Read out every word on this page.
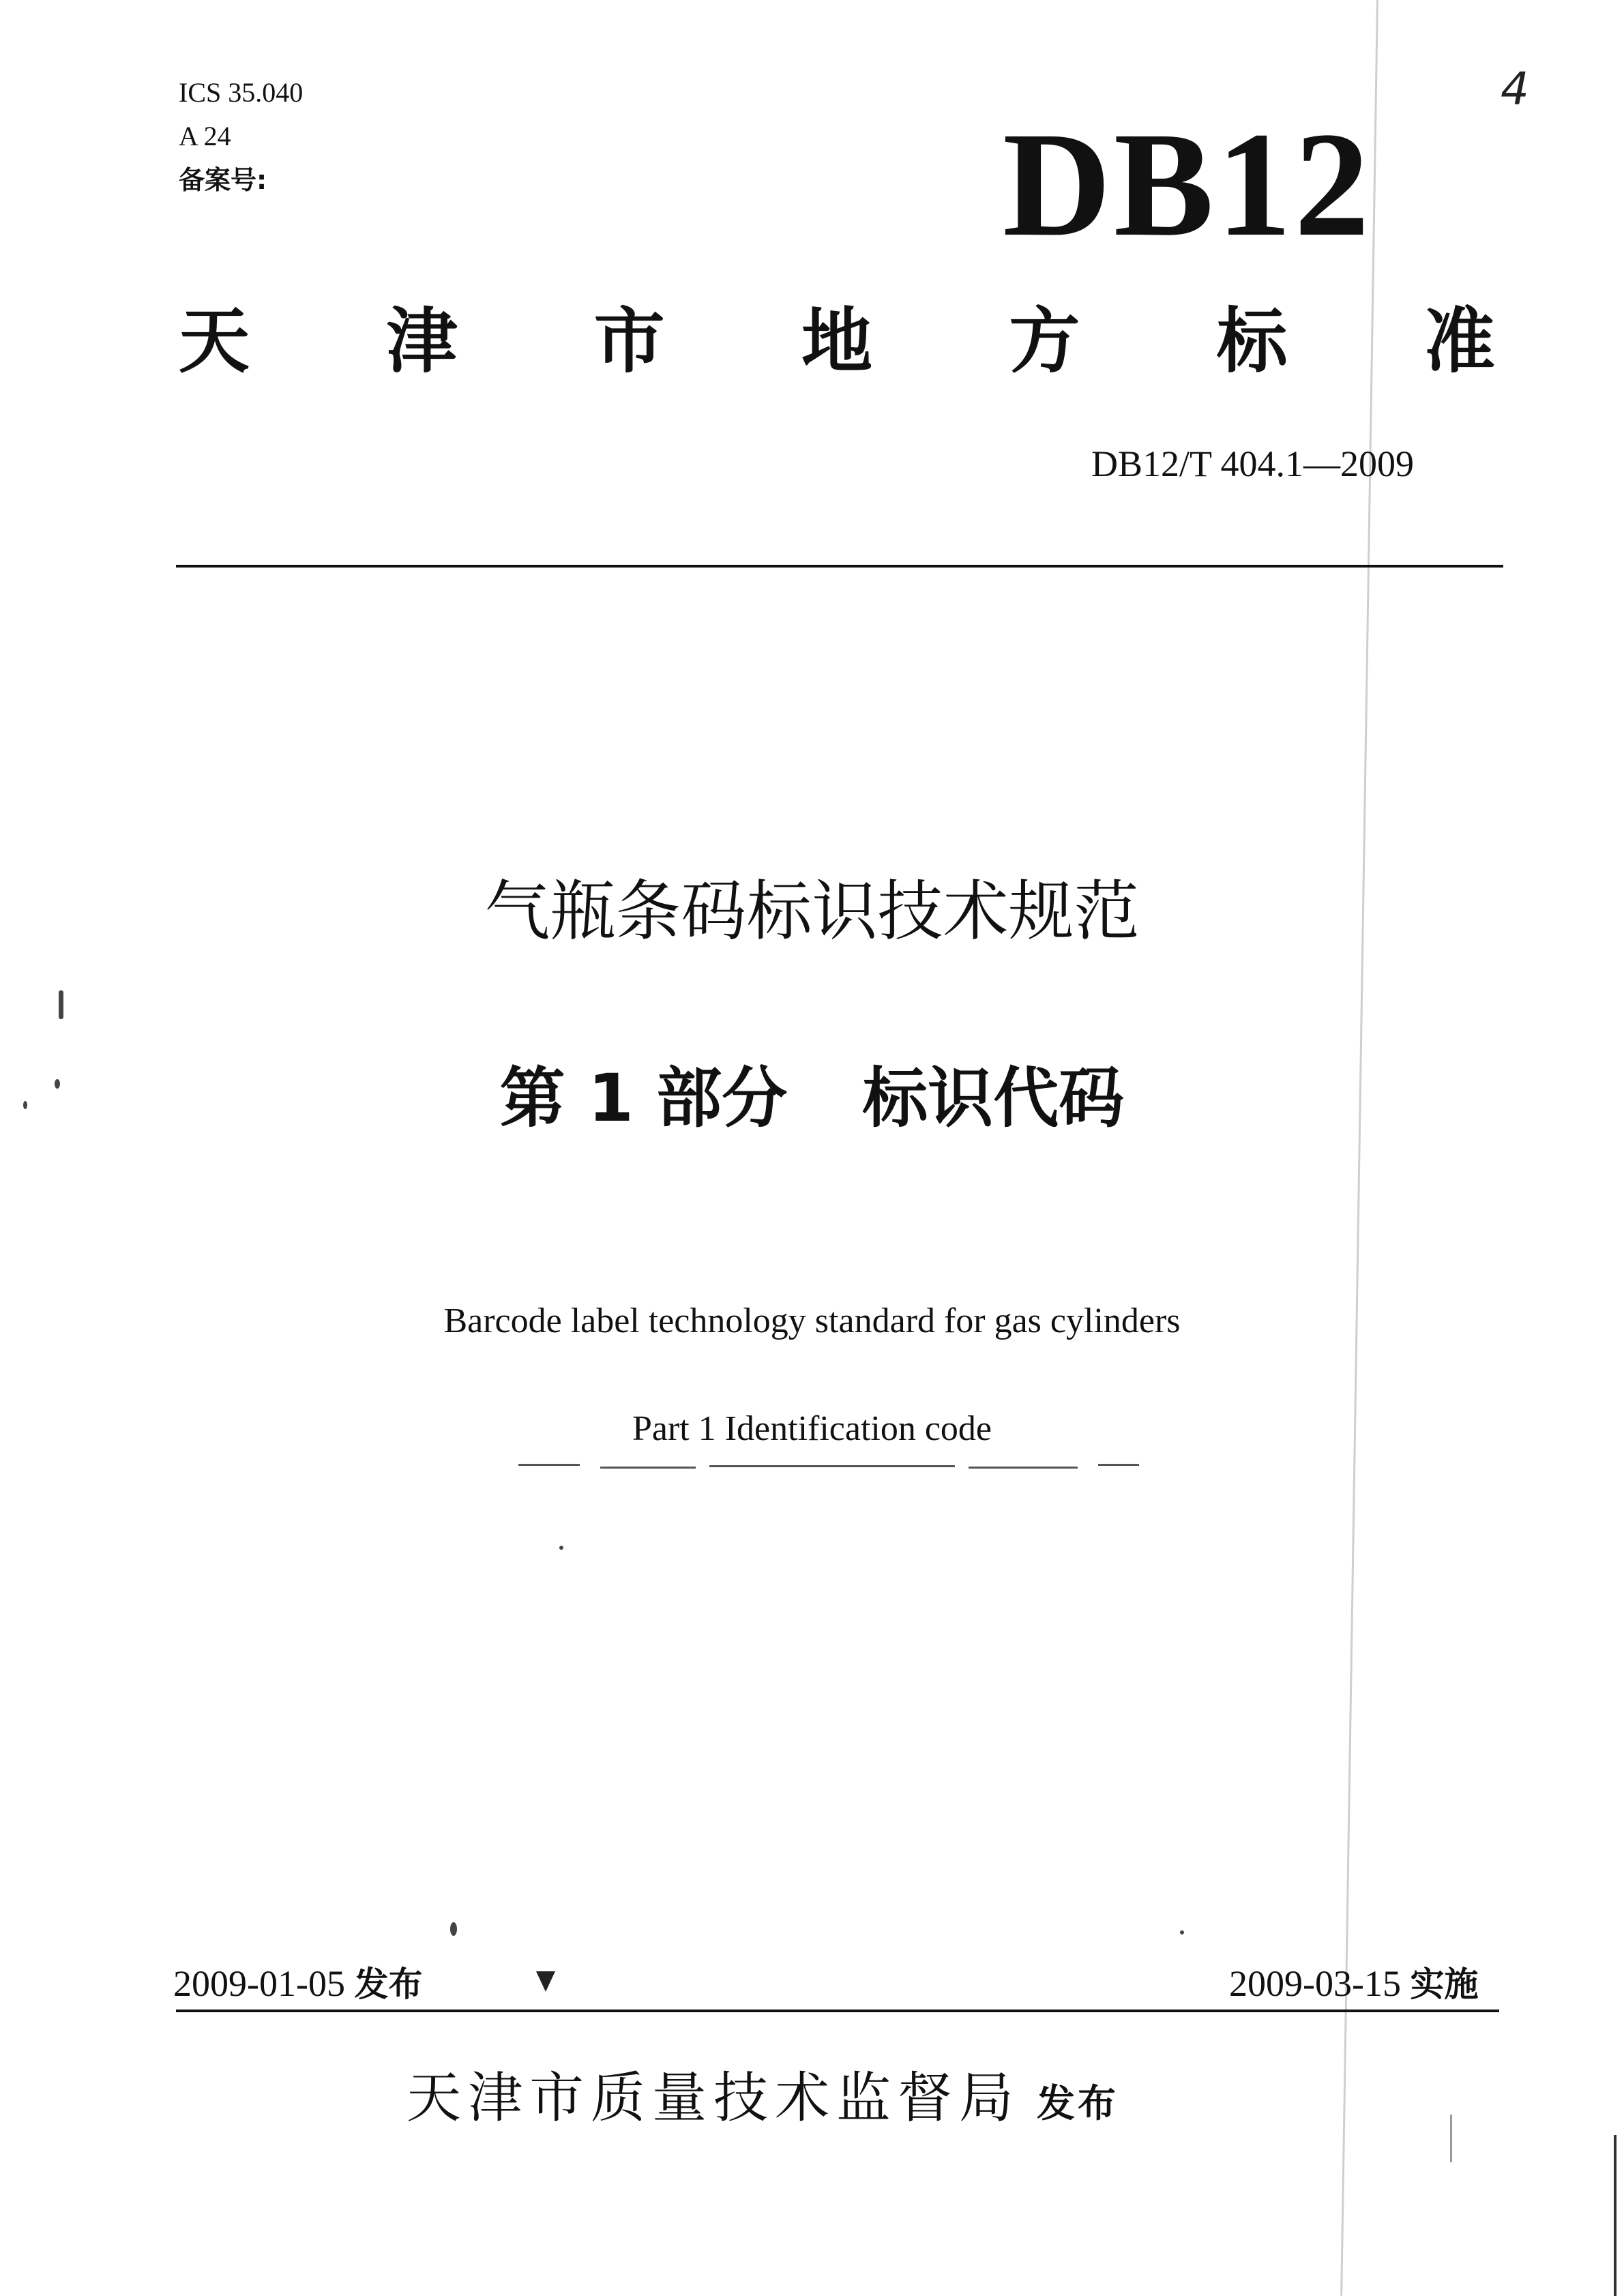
ICS 35.040
A 24
备案号:	DB12
4
天 津 市 地 方 标 准
DB12/T 404.1—2009
气瓶条码标识技术规范
第 1 部分 标识代码
Barcode label technology standard for gas cylinders
Part 1 Identification code
2009-01-05 发布	2009-03-15 实施
天津市质量技术监督局 发布
